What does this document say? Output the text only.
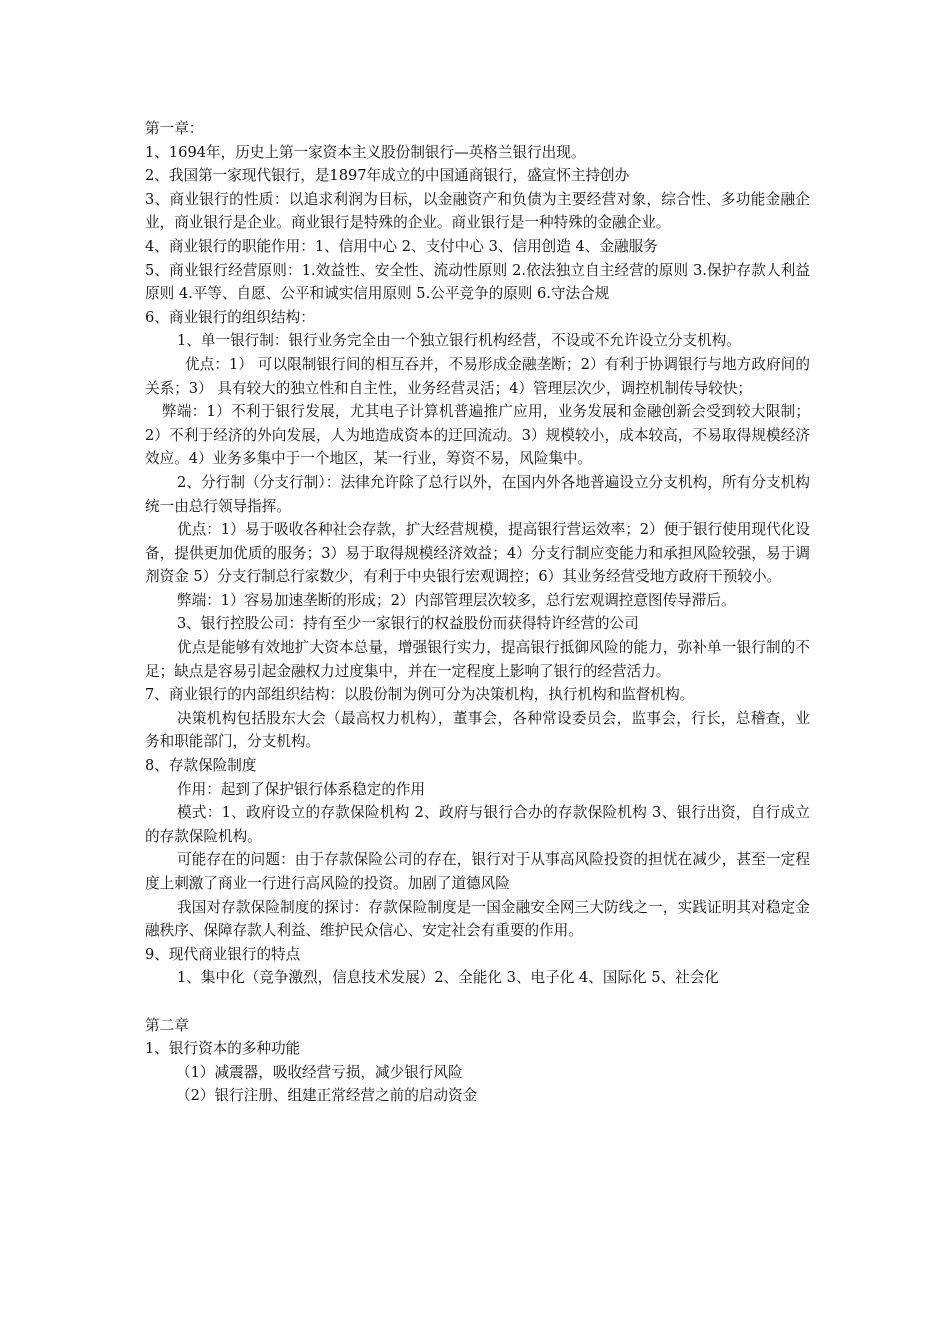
第一章：

1、1694年，历史上第一家资本主义股份制银行—英格兰银行出现。

2、我国第一家现代银行，是1897年成立的中国通商银行，盛宣怀主持创办

3、商业银行的性质：以追求利润为目标，以金融资产和负债为主要经营对象，综合性、多功能金融企业，商业银行是企业。商业银行是特殊的企业。商业银行是一种特殊的金融企业。

4、商业银行的职能作用：1、信用中心 2、支付中心 3、信用创造 4、金融服务

5、商业银行经营原则：1.效益性、安全性、流动性原则 2.依法独立自主经营的原则 3.保护存款人利益原则 4.平等、自愿、公平和诚实信用原则 5.公平竞争的原则 6.守法合规

6、商业银行的组织结构：

1、单一银行制：银行业务完全由一个独立银行机构经营，不设或不允许设立分支机构。

优点：1） 可以限制银行间的相互吞并，不易形成金融垄断；2）有利于协调银行与地方政府间的关系；3） 具有较大的独立性和自主性，业务经营灵活；4）管理层次少，调控机制传导较快；

弊端：1）不利于银行发展，尤其电子计算机普遍推广应用，业务发展和金融创新会受到较大限制；2）不利于经济的外向发展，人为地造成资本的迂回流动。3）规模较小，成本较高，不易取得规模经济效应。4）业务多集中于一个地区，某一行业，筹资不易，风险集中。

2、分行制（分支行制）：法律允许除了总行以外，在国内外各地普遍设立分支机构，所有分支机构统一由总行领导指挥。

优点：1）易于吸收各种社会存款，扩大经营规模，提高银行营运效率；2）便于银行使用现代化设备，提供更加优质的服务；3）易于取得规模经济效益；4）分支行制应变能力和承担风险较强，易于调剂资金 5）分支行制总行家数少，有利于中央银行宏观调控；6）其业务经营受地方政府干预较小。

弊端：1）容易加速垄断的形成；2）内部管理层次较多，总行宏观调控意图传导滞后。

3、银行控股公司：持有至少一家银行的权益股份而获得特许经营的公司

优点是能够有效地扩大资本总量，增强银行实力，提高银行抵御风险的能力，弥补单一银行制的不足；缺点是容易引起金融权力过度集中，并在一定程度上影响了银行的经营活力。

7、商业银行的内部组织结构：以股份制为例可分为决策机构，执行机构和监督机构。

决策机构包括股东大会（最高权力机构），董事会，各种常设委员会，监事会，行长，总稽查，业务和职能部门，分支机构。

8、存款保险制度

作用：起到了保护银行体系稳定的作用

模式：1、政府设立的存款保险机构 2、政府与银行合办的存款保险机构 3、银行出资，自行成立的存款保险机构。

可能存在的问题：由于存款保险公司的存在，银行对于从事高风险投资的担忧在减少，甚至一定程度上刺激了商业一行进行高风险的投资。加剧了道德风险

我国对存款保险制度的探讨：存款保险制度是一国金融安全网三大防线之一，实践证明其对稳定金融秩序、保障存款人利益、维护民众信心、安定社会有重要的作用。

9、现代商业银行的特点

1、集中化（竞争激烈，信息技术发展）2、全能化 3、电子化 4、国际化 5、社会化

第二章

1、银行资本的多种功能

（1）减震器，吸收经营亏损，减少银行风险

（2）银行注册、组建正常经营之前的启动资金
